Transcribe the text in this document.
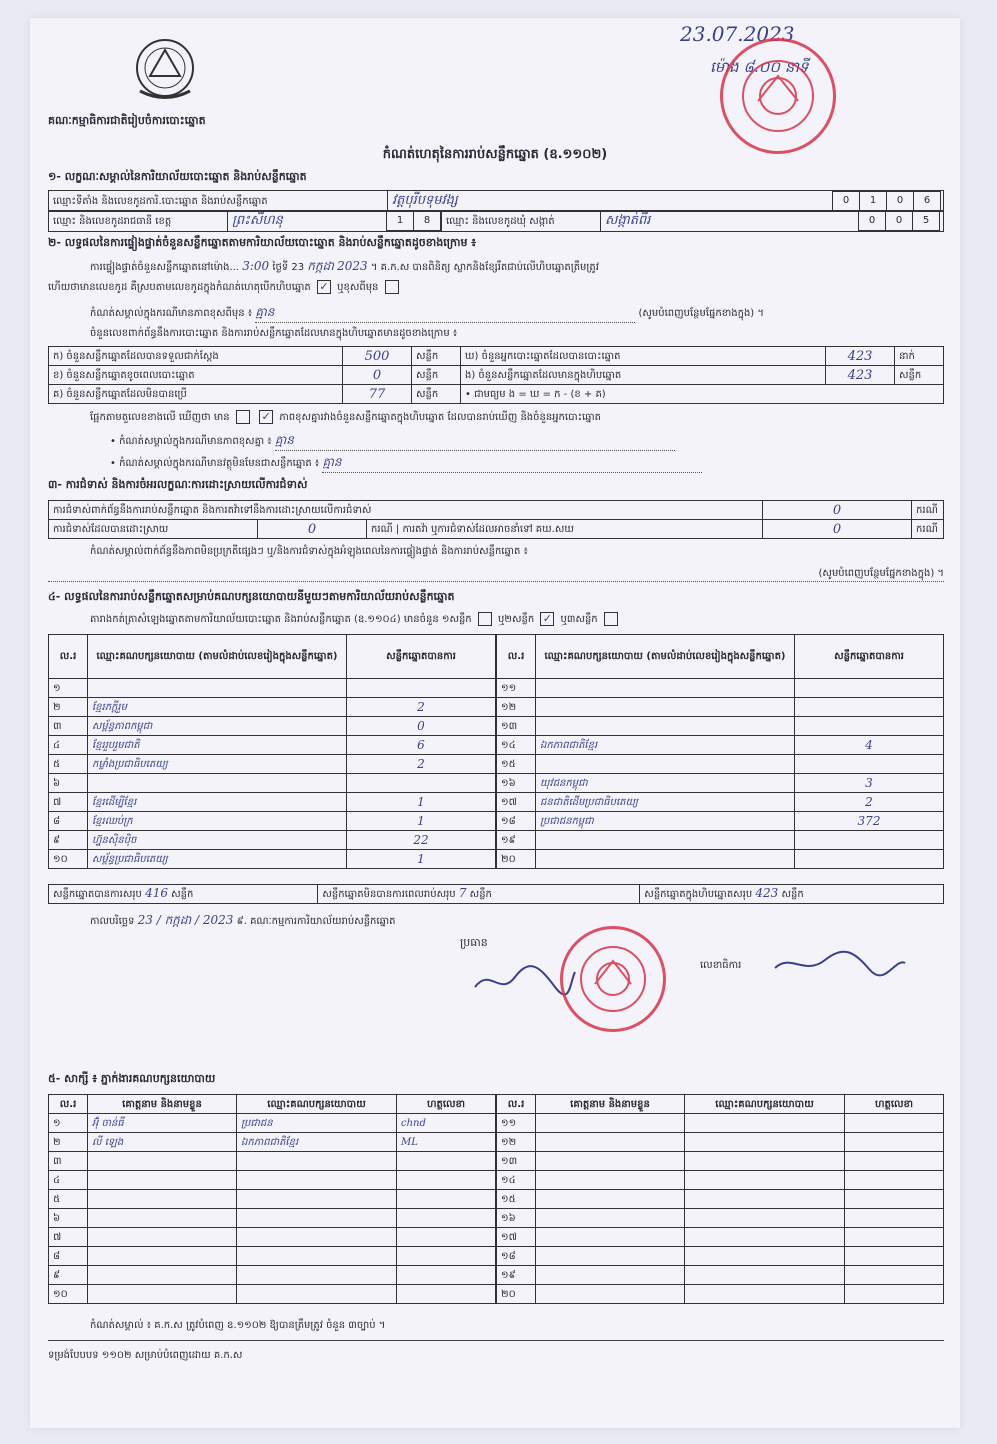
គណៈកម្មាធិការជាតិរៀបចំការបោះឆ្នោត
23.07.2023
ម៉ោង ៨.០០ នាទី
កំណត់ហេតុនៃការរាប់សន្លឹកឆ្នោត (ឧ.១១០២)
១- លក្ខណៈសម្គាល់នៃការិយាល័យបោះឆ្នោត និងរាប់សន្លឹកឆ្នោត
ឈ្មោះទីតាំង និងលេខកូដការិ.បោះឆ្នោត និងរាប់សន្លឹកឆ្នោត	វត្តបុរីបទុមវង្ស	0 1 0 6
ឈ្មោះ និងលេខកូដរាជធានី ខេត្ត	ព្រះសីហនុ	1 8	ឈ្មោះ និងលេខកូដឃុំ សង្កាត់	សង្កាត់ពីរ	0 0 5
២- លទ្ធផលនៃការផ្ទៀងផ្ទាត់ចំនួនសន្លឹកឆ្នោតតាមការិយាល័យបោះឆ្នោត និងរាប់សន្លឹកឆ្នោតដូចខាងក្រោម ៖
ការផ្ទៀងផ្ទាត់ចំនួនសន្លឹកឆ្នោតនៅម៉ោង... 3:00 ថ្ងៃទី 23 កក្កដា 2023 ។ គ.ក.ស បានពិនិត្យ ស្លាកនិងខ្សែរឹតជាប់លើហិបឆ្នោតត្រឹមត្រូវ
ហើយថាមានលេខកូដ គឺស្របតាមលេខកូដក្នុងកំណត់ហេតុបើកហិបឆ្នោត ✓ ឬខុសពីមុន
កំណត់សម្គាល់ក្នុងករណីមានភាពខុសពីមុន ៖ គ្មាន	(សូមបំពេញបន្ថែមផ្នែកខាងក្នុង) ។
ចំនួនលេខពាក់ព័ន្ធនឹងការបោះឆ្នោត និងការរាប់សន្លឹកឆ្នោតដែលមានក្នុងហិបឆ្នោតមានដូចខាងក្រោម ៖
ក) ចំនួនសន្លឹកឆ្នោតដែលបានទទួលជាក់ស្តែង	500	សន្លឹក	ឃ) ចំនួនអ្នកបោះឆ្នោតដែលបានបោះឆ្នោត	423	នាក់
ខ) ចំនួនសន្លឹកឆ្នោតខូចពេលបោះឆ្នោត	0	សន្លឹក	ង) ចំនួនសន្លឹកឆ្នោតដែលមានក្នុងហិបឆ្នោត	423	សន្លឹក
គ) ចំនួនសន្លឹកឆ្នោតដែលមិនបានប្រើ	77	សន្លឹក	• ជាមធ្យម ង = ឃ = ក - (ខ + គ)		
ផ្អែកតាមតួលេខខាងលើ ឃើញថា មាន	✓ ភាពខុសគ្នារវាងចំនួនសន្លឹកឆ្នោតក្នុងហិបឆ្នោត ដែលបានរាប់ឃើញ និងចំនួនអ្នកបោះឆ្នោត
• កំណត់សម្គាល់ក្នុងករណីមានភាពខុសគ្នា ៖ គ្មាន
• កំណត់សម្គាល់ក្នុងករណីមានវត្ថុមិនមែនជាសន្លឹកឆ្នោត ៖ គ្មាន
៣- ការជំទាស់ និងការចំអរលក្ខណៈការដោះស្រាយលើការជំទាស់
ការជំទាស់ពាក់ព័ន្ធនឹងការរាប់សន្លឹកឆ្នោត និងការតវ៉ាទៅនឹងការដោះស្រាយលើការជំទាស់			0	ករណី
ការជំទាស់ដែលបានដោះស្រាយ	0	ករណី | ការតវ៉ា ឬការជំទាស់ដែលអាចនាំទៅ គឃ.សឃ	0	ករណី
កំណត់សម្គាល់ពាក់ព័ន្ធនឹងភាពមិនប្រក្រតីផ្សេងៗ ឬ/និងការជំទាស់ក្នុងអំឡុងពេលនៃការផ្ទៀងផ្ទាត់ និងការរាប់សន្លឹកឆ្នោត ៖
(សូមបំពេញបន្ថែមផ្នែកខាងក្នុង) ។
៤- លទ្ធផលនៃការរាប់សន្លឹកឆ្នោតសម្រាប់គណបក្សនយោបាយនីមួយៗតាមការិយាល័យរាប់សន្លឹកឆ្នោត
តារាងកត់ត្រាសំឡេងឆ្នោតតាមការិយាល័យបោះឆ្នោត និងរាប់សន្លឹកឆ្នោត (ឧ.១១០៤) មានចំនួន ១សន្លឹក	ឬ២សន្លឹក ✓ ឬ៣សន្លឹក
ល.រ	ឈ្មោះគណបក្សនយោបាយ (តាមលំដាប់លេខរៀងក្នុងសន្លឹកឆ្នោត)	សន្លឹកឆ្នោតបានការ
១		
២	ខ្មែរភក្តីរួម	2
៣	សម្ព័ន្ធភាពកម្ពុជា	0
៤	ខ្មែររួបរួមជាតិ	6
៥	កម្លាំងប្រជាធិបតេយ្យ	2
៦		
៧	ខ្មែរដើម្បីខ្មែរ	1
៨	ខ្មែរឈប់ក្រ	1
៩	ហ្វ៊ុនស៊ិនប៉ិច	22
១០	សម្ព័ន្ធប្រជាធិបតេយ្យ	1
ល.រ	ឈ្មោះគណបក្សនយោបាយ (តាមលំដាប់លេខរៀងក្នុងសន្លឹកឆ្នោត)	សន្លឹកឆ្នោតបានការ
១១		
១២		
១៣		
១៤	ឯកភាពជាតិខ្មែរ	4
១៥		
១៦	យុវជនកម្ពុជា	3
១៧	ជនជាតិដើមប្រជាធិបតេយ្យ	2
១៨	ប្រជាជនកម្ពុជា	372
១៩		
២០		
សន្លឹកឆ្នោតបានការសរុប 416 សន្លឹក	សន្លឹកឆ្នោតមិនបានការពេលរាប់សរុប 7 សន្លឹក	សន្លឹកឆ្នោតក្នុងហិបឆ្នោតសរុប 423 សន្លឹក
កាលបរិច្ឆេទ 23 / កក្កដា / 2023 ៩. គណៈកម្មការការិយាល័យរាប់សន្លឹកឆ្នោត
ប្រធាន
លេខាធិការ
៥- សាក្សី ៖ ភ្នាក់ងារគណបក្សនយោបាយ
ល.រ	គោត្តនាម និងនាមខ្លួន	ឈ្មោះគណបក្សនយោបាយ	ហត្ថលេខា
១	អ៊ុំ ចាន់ធី	ប្រជាជន	chnd
២	លី ឡេង	ឯកភាពជាតិខ្មែរ	ML
៣			
៤			
៥			
៦			
៧			
៨			
៩			
១០			
ល.រ	គោត្តនាម និងនាមខ្លួន	ឈ្មោះគណបក្សនយោបាយ	ហត្ថលេខា
១១			
១២			
១៣			
១៤			
១៥			
១៦			
១៧			
១៨			
១៩			
២០			
កំណត់សម្គាល់ ៖ គ.ក.ស ត្រូវបំពេញ ឧ.១១០២ ឱ្យបានត្រឹមត្រូវ ចំនួន ៣ច្បាប់ ។
ទម្រង់បែបបទ ១១០២ សម្រាប់បំពេញដោយ គ.ក.ស
